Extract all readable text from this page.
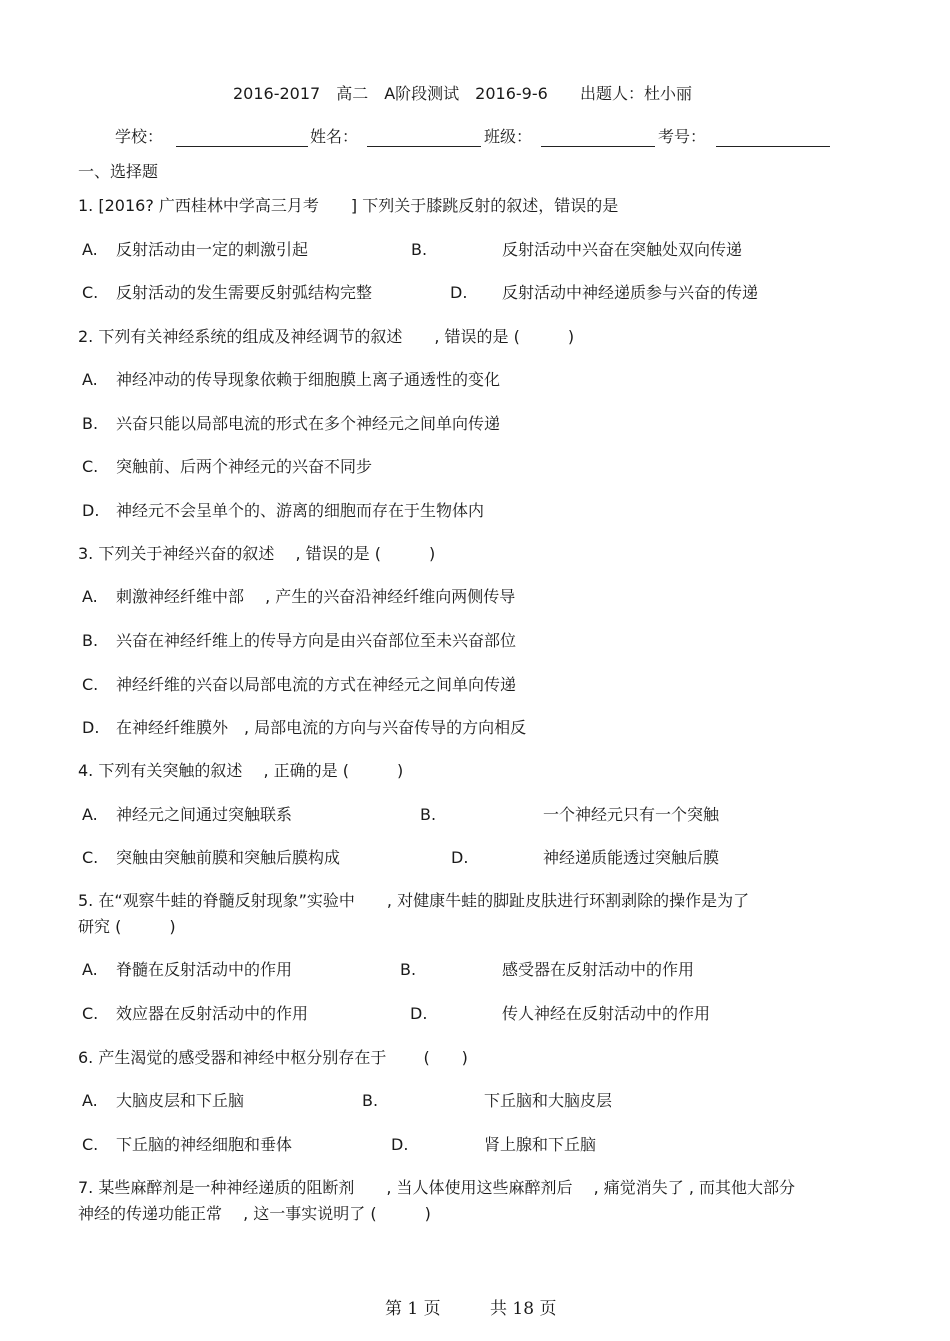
2016-2017　高二　A阶段测试　2016-9-6 出题人：杜小丽
学校：	姓名：	班级：	考号：
一、选择题
1. [2016? 广西桂林中学高三月考　　] 下列关于膝跳反射的叙述，错误的是
A. 反射活动由一定的刺激引起	B.	反射活动中兴奋在突触处双向传递
C. 反射活动的发生需要反射弧结构完整	D. 反射活动中神经递质参与兴奋的传递
2. 下列有关神经系统的组成及神经调节的叙述　　, 错误的是 (　　　)
A. 神经冲动的传导现象依赖于细胞膜上离子通透性的变化
B. 兴奋只能以局部电流的形式在多个神经元之间单向传递
C. 突触前、后两个神经元的兴奋不同步
D. 神经元不会呈单个的、游离的细胞而存在于生物体内
3. 下列关于神经兴奋的叙述　 , 错误的是 (　　　)
A. 刺激神经纤维中部　 , 产生的兴奋沿神经纤维向两侧传导
B. 兴奋在神经纤维上的传导方向是由兴奋部位至未兴奋部位
C. 神经纤维的兴奋以局部电流的方式在神经元之间单向传递
D. 在神经纤维膜外　, 局部电流的方向与兴奋传导的方向相反
4. 下列有关突触的叙述　 , 正确的是 (　　　)
A. 神经元之间通过突触联系	B.	一个神经元只有一个突触
C. 突触由突触前膜和突触后膜构成	D.	神经递质能透过突触后膜
5. 在“观察牛蛙的脊髓反射现象”实验中　　, 对健康牛蛙的脚趾皮肤进行环割剥除的操作是为了
研究 (　　　)
A. 脊髓在反射活动中的作用	B.	感受器在反射活动中的作用
C. 效应器在反射活动中的作用	D.	传人神经在反射活动中的作用
6. 产生渴觉的感受器和神经中枢分别存在于　　 (　　)
A. 大脑皮层和下丘脑	B.	下丘脑和大脑皮层
C. 下丘脑的神经细胞和垂体	D.	肾上腺和下丘脑
7. 某些麻醉剂是一种神经递质的阻断剂　　, 当人体使用这些麻醉剂后　 , 痛觉消失了 , 而其他大部分
神经的传递功能正常　 , 这一事实说明了 (　　　)
第 1 页	共 18 页
